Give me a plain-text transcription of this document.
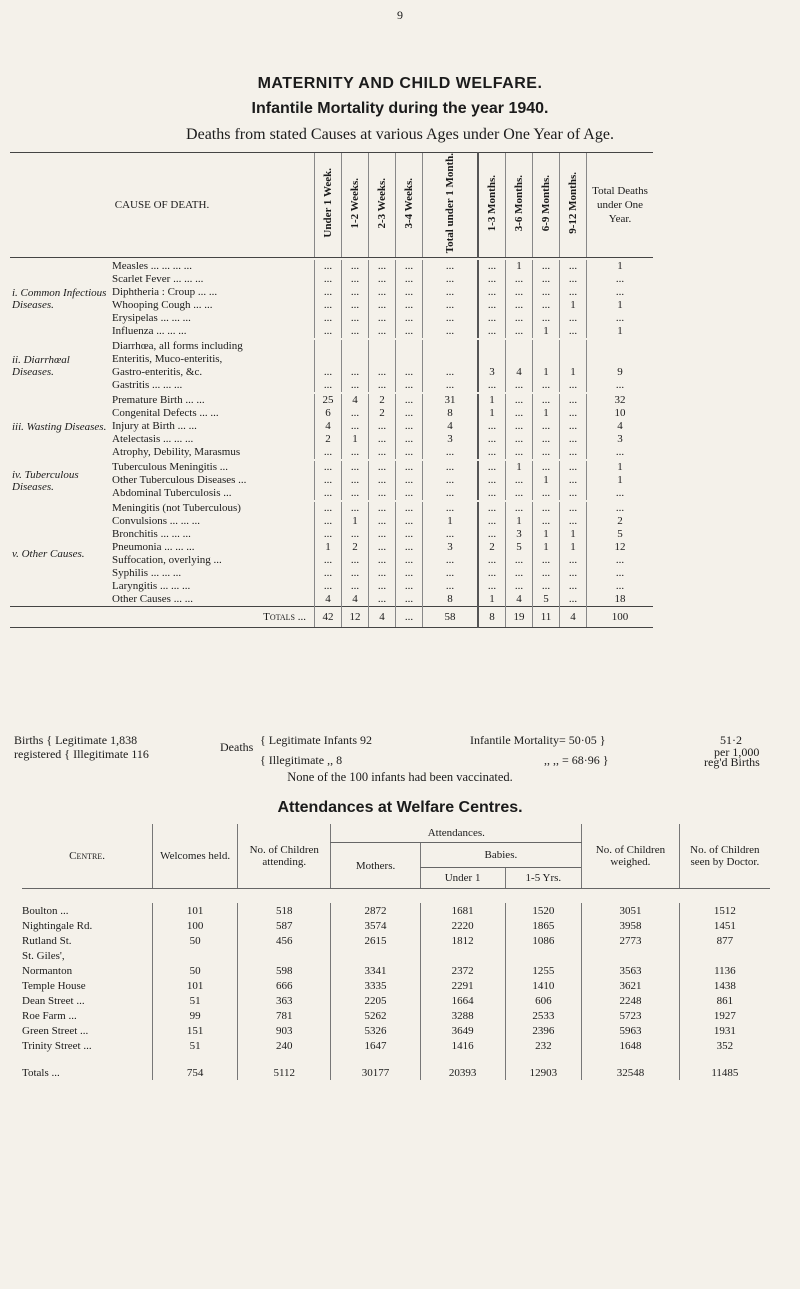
9
MATERNITY AND CHILD WELFARE.
Infantile Mortality during the year 1940.
Deaths from stated Causes at various Ages under One Year of Age.
CAUSE OF DEATH.		Under 1 Week.	1-2 Weeks.	2-3 Weeks.	3-4 Weeks.	Total under 1 Month.	1-3 Months.	3-6 Months.	6-9 Months.	9-12 Months.	Total Deaths under One Year.

i. Common Infectious Diseases.	Measles ... ... ... ...	...	...	...	...	...	...	1	...	...	1
	Scarlet Fever ... ... ...	...	...	...	...	...	...	...	...	...	...
	Diphtheria : Croup ... ...	...	...	...	...	...	...	...	...	...	...
	Whooping Cough ... ...	...	...	...	...	...	...	...	...	1	1
	Erysipelas ... ... ...	...	...	...	...	...	...	...	...	...	...
	Influenza ... ... ...	...	...	...	...	...	...	...	1	...	1

ii. Diarrhœal Diseases.	Diarrhœa, all forms including										
	Enteritis, Muco-enteritis,										
	Gastro-enteritis, &c.	...	...	...	...	...	3	4	1	1	9
	Gastritis ... ... ...	...	...	...	...	...	...	...	...	...	...

iii. Wasting Diseases.	Premature Birth ... ...	25	4	2	...	31	1	...	...	...	32
	Congenital Defects ... ...	6	...	2	...	8	1	...	1	...	10
	Injury at Birth ... ...	4	...	...	...	4	...	...	...	...	4
	Atelectasis ... ... ...	2	1	...	...	3	...	...	...	...	3
	Atrophy, Debility, Marasmus	...	...	...	...	...	...	...	...	...	...

iv. Tuberculous Diseases.	Tuberculous Meningitis ...	...	...	...	...	...	...	1	...	...	1
	Other Tuberculous Diseases ...	...	...	...	...	...	...	...	1	...	1
	Abdominal Tuberculosis ...	...	...	...	...	...	...	...	...	...	...

v. Other Causes.	Meningitis (not Tuberculous)	...	...	...	...	...	...	...	...	...	...
	Convulsions ... ... ...	...	1	...	...	1	...	1	...	...	2
	Bronchitis ... ... ...	...	...	...	...	...	...	3	1	1	5
	Pneumonia ... ... ...	1	2	...	...	3	2	5	1	1	12
	Suffocation, overlying ...	...	...	...	...	...	...	...	...	...	...
	Syphilis ... ... ...	...	...	...	...	...	...	...	...	...	...
	Laryngitis ... ... ...	...	...	...	...	...	...	...	...	...	...
	Other Causes ... ...	4	4	...	...	8	1	4	5	...	18
Totals ...		42	12	4	...	58	8	19	11	4	100
Births { Legitimate 1,838
registered { Illegitimate 116	Deaths { Legitimate Infants 92
{ Illegitimate ,, 8
Infantile Mortality= 50·05 }
,, ,, = 68·96 }
51·2
per 1,000
reg'd Births
None of the 100 infants had been vaccinated.
Attendances at Welfare Centres.
Centre.	Welcomes held.	No. of Children attending.	Attendances.			No. of Children weighed.	No. of Children seen by Doctor.
			Mothers.	Babies.			
				Under 1	1-5 Yrs.		

Boulton ...	101	518	2872	1681	1520	3051	1512
Nightingale Rd.	100	587	3574	2220	1865	3958	1451
Rutland St.	50	456	2615	1812	1086	2773	877
St. Giles',							
Normanton	50	598	3341	2372	1255	3563	1136
Temple House	101	666	3335	2291	1410	3621	1438
Dean Street ...	51	363	2205	1664	606	2248	861
Roe Farm ...	99	781	5262	3288	2533	5723	1927
Green Street ...	151	903	5326	3649	2396	5963	1931
Trinity Street ...	51	240	1647	1416	232	1648	352
Totals ...	754	5112	30177	20393	12903	32548	11485
